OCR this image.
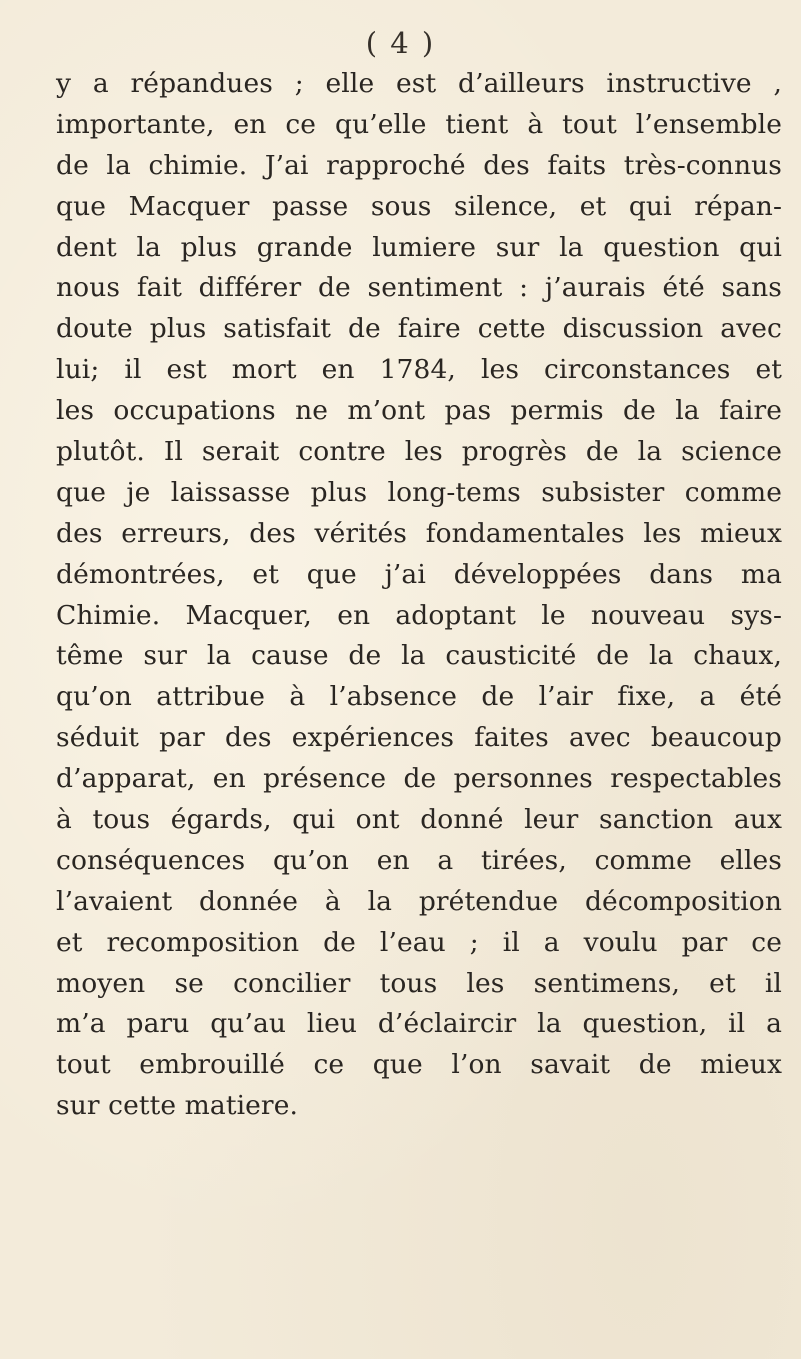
( 4 )
y a répandues ; elle est d’ailleurs instructive ,
importante, en ce qu’elle tient à tout l’ensemble
de la chimie. J’ai rapproché des faits très-connus
que Macquer passe sous silence, et qui répan-
dent la plus grande lumiere sur la question qui
nous fait différer de sentiment : j’aurais été sans
doute plus satisfait de faire cette discussion avec
lui; il est mort en 1784, les circonstances et
les occupations ne m’ont pas permis de la faire
plutôt. Il serait contre les progrès de la science
que je laissasse plus long-tems subsister comme
des erreurs, des vérités fondamentales les mieux
démontrées, et que j’ai développées dans ma
Chimie. Macquer, en adoptant le nouveau sys-
tême sur la cause de la causticité de la chaux,
qu’on attribue à l’absence de l’air fixe, a été
séduit par des expériences faites avec beaucoup
d’apparat, en présence de personnes respectables
à tous égards, qui ont donné leur sanction aux
conséquences qu’on en a tirées, comme elles
l’avaient donnée à la prétendue décomposition
et recomposition de l’eau ; il a voulu par ce
moyen se concilier tous les sentimens, et il
m’a paru qu’au lieu d’éclaircir la question, il a
tout embrouillé ce que l’on savait de mieux
sur cette matiere.
